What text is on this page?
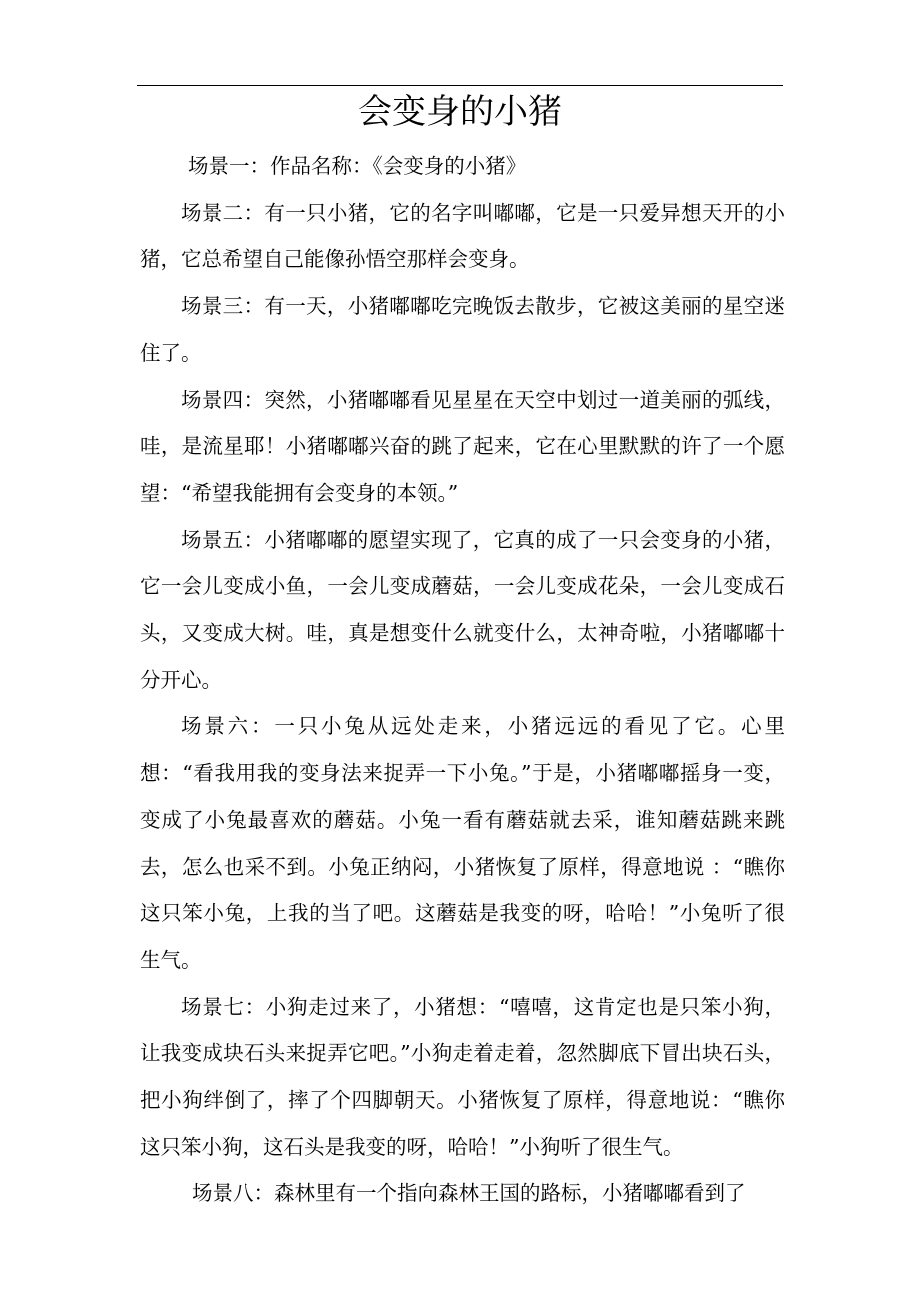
会变身的小猪

场景一：作品名称：《会变身的小猪》

场景二：有一只小猪，它的名字叫嘟嘟，它是一只爱异想天开的小猪，它总希望自己能像孙悟空那样会变身。

场景三：有一天，小猪嘟嘟吃完晚饭去散步，它被这美丽的星空迷住了。

场景四：突然，小猪嘟嘟看见星星在天空中划过一道美丽的弧线，哇，是流星耶！小猪嘟嘟兴奋的跳了起来，它在心里默默的许了一个愿望：“希望我能拥有会变身的本领。”

场景五：小猪嘟嘟的愿望实现了，它真的成了一只会变身的小猪，它一会儿变成小鱼，一会儿变成蘑菇，一会儿变成花朵，一会儿变成石头，又变成大树。哇，真是想变什么就变什么，太神奇啦，小猪嘟嘟十分开心。

场景六：一只小兔从远处走来，小猪远远的看见了它。心里想：“看我用我的变身法来捉弄一下小兔。”于是，小猪嘟嘟摇身一变，变成了小兔最喜欢的蘑菇。小兔一看有蘑菇就去采，谁知蘑菇跳来跳去，怎么也采不到。小兔正纳闷，小猪恢复了原样，得意地说 ：“瞧你这只笨小兔，上我的当了吧。这蘑菇是我变的呀，哈哈！”小兔听了很生气。

场景七：小狗走过来了，小猪想：“嘻嘻，这肯定也是只笨小狗，让我变成块石头来捉弄它吧。”小狗走着走着，忽然脚底下冒出块石头，把小狗绊倒了，摔了个四脚朝天。小猪恢复了原样，得意地说：“瞧你这只笨小狗，这石头是我变的呀，哈哈！”小狗听了很生气。

场景八：森林里有一个指向森林王国的路标，小猪嘟嘟看到了
